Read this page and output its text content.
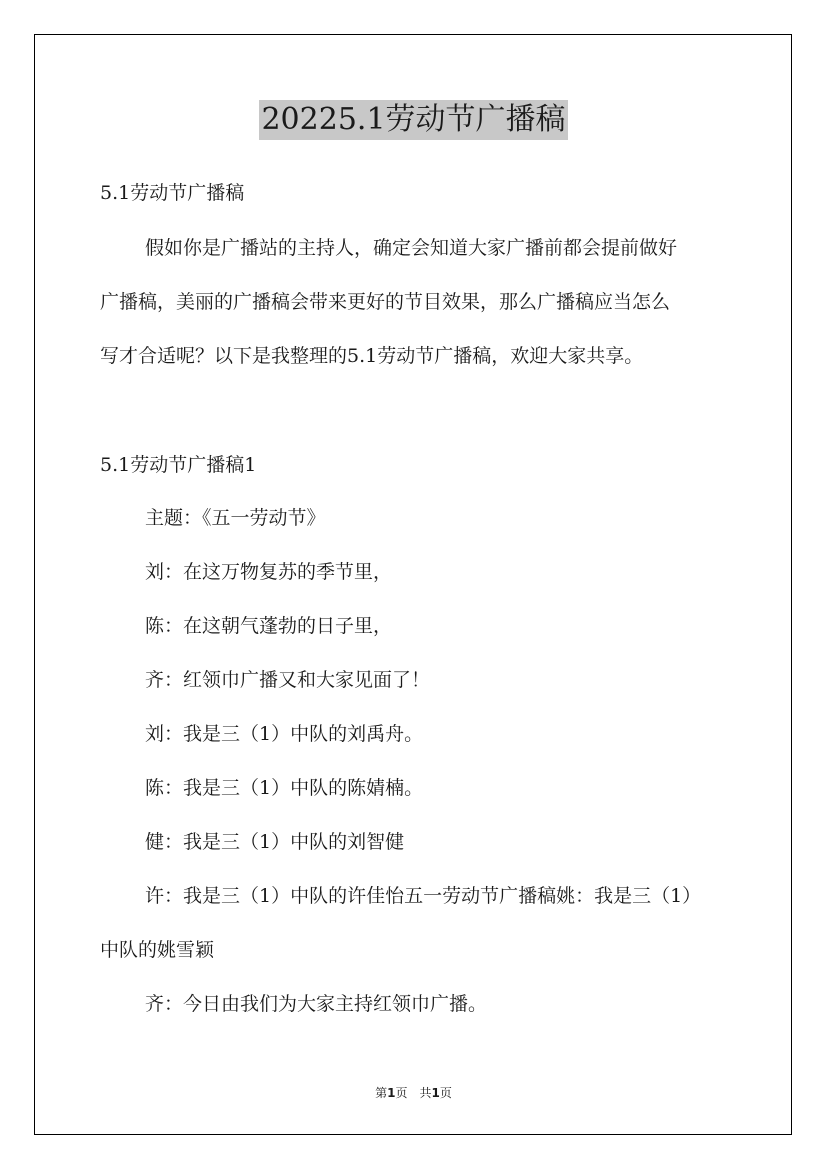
20225.1劳动节广播稿
5.1劳动节广播稿
假如你是广播站的主持人，确定会知道大家广播前都会提前做好
广播稿，美丽的广播稿会带来更好的节目效果，那么广播稿应当怎么
写才合适呢？以下是我整理的5.1劳动节广播稿，欢迎大家共享。
5.1劳动节广播稿1
主题：《五一劳动节》
刘：在这万物复苏的季节里，
陈：在这朝气蓬勃的日子里，
齐：红领巾广播又和大家见面了！
刘：我是三（1）中队的刘禹舟。
陈：我是三（1）中队的陈婧楠。
健：我是三（1）中队的刘智健
许：我是三（1）中队的许佳怡五一劳动节广播稿姚：我是三（1）
中队的姚雪颖
齐：今日由我们为大家主持红领巾广播。
第1页　共1页
